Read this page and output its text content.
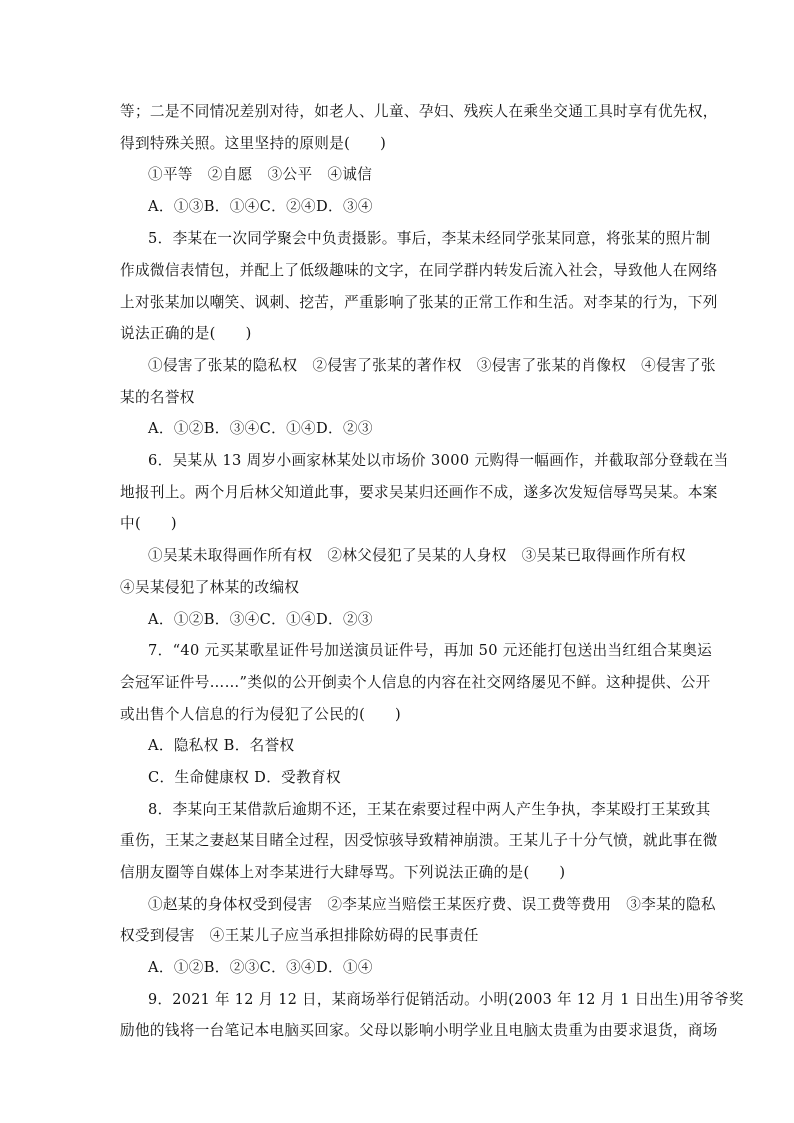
等；二是不同情况差别对待，如老人、儿童、孕妇、残疾人在乘坐交通工具时享有优先权，
得到特殊关照。这里坚持的原则是(　　)
①平等　②自愿　③公平　④诚信
A．①③B．①④C．②④D．③④
5．李某在一次同学聚会中负责摄影。事后，李某未经同学张某同意，将张某的照片制
作成微信表情包，并配上了低级趣味的文字，在同学群内转发后流入社会，导致他人在网络
上对张某加以嘲笑、讽刺、挖苦，严重影响了张某的正常工作和生活。对李某的行为，下列
说法正确的是(　　)
①侵害了张某的隐私权　②侵害了张某的著作权　③侵害了张某的肖像权　④侵害了张
某的名誉权
A．①②B．③④C．①④D．②③
6．吴某从 13 周岁小画家林某处以市场价 3000 元购得一幅画作，并截取部分登载在当
地报刊上。两个月后林父知道此事，要求吴某归还画作不成，遂多次发短信辱骂吴某。本案
中(　　)
①吴某未取得画作所有权　②林父侵犯了吴某的人身权　③吴某已取得画作所有权
④吴某侵犯了林某的改编权
A．①②B．③④C．①④D．②③
7．“40 元买某歌星证件号加送演员证件号，再加 50 元还能打包送出当红组合某奥运
会冠军证件号……”类似的公开倒卖个人信息的内容在社交网络屡见不鲜。这种提供、公开
或出售个人信息的行为侵犯了公民的(　　)
A．隐私权 B．名誉权
C．生命健康权 D．受教育权
8．李某向王某借款后逾期不还，王某在索要过程中两人产生争执，李某殴打王某致其
重伤，王某之妻赵某目睹全过程，因受惊骇导致精神崩溃。王某儿子十分气愤，就此事在微
信朋友圈等自媒体上对李某进行大肆辱骂。下列说法正确的是(　　)
①赵某的身体权受到侵害　②李某应当赔偿王某医疗费、误工费等费用　③李某的隐私
权受到侵害　④王某儿子应当承担排除妨碍的民事责任
A．①②B．②③C．③④D．①④
9．2021 年 12 月 12 日，某商场举行促销活动。小明(2003 年 12 月 1 日出生)用爷爷奖
励他的钱将一台笔记本电脑买回家。父母以影响小明学业且电脑太贵重为由要求退货，商场
